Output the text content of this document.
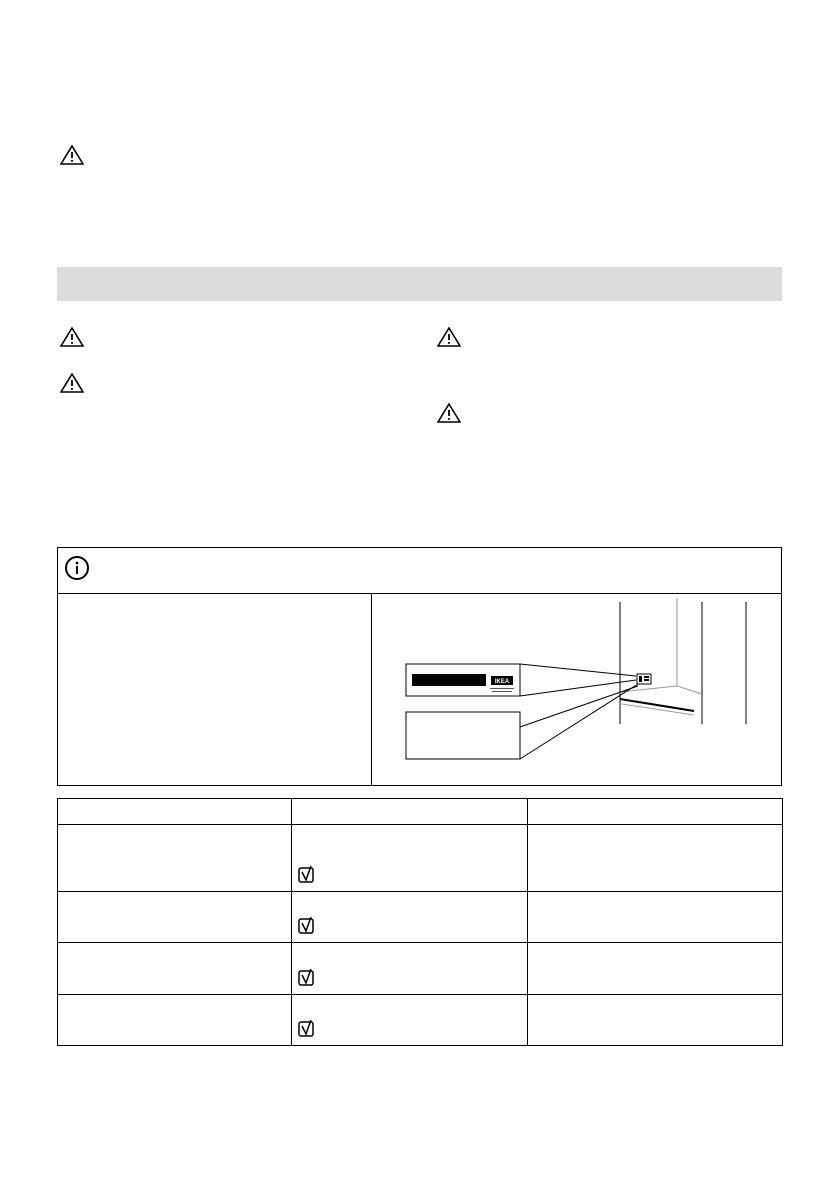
IKEA
